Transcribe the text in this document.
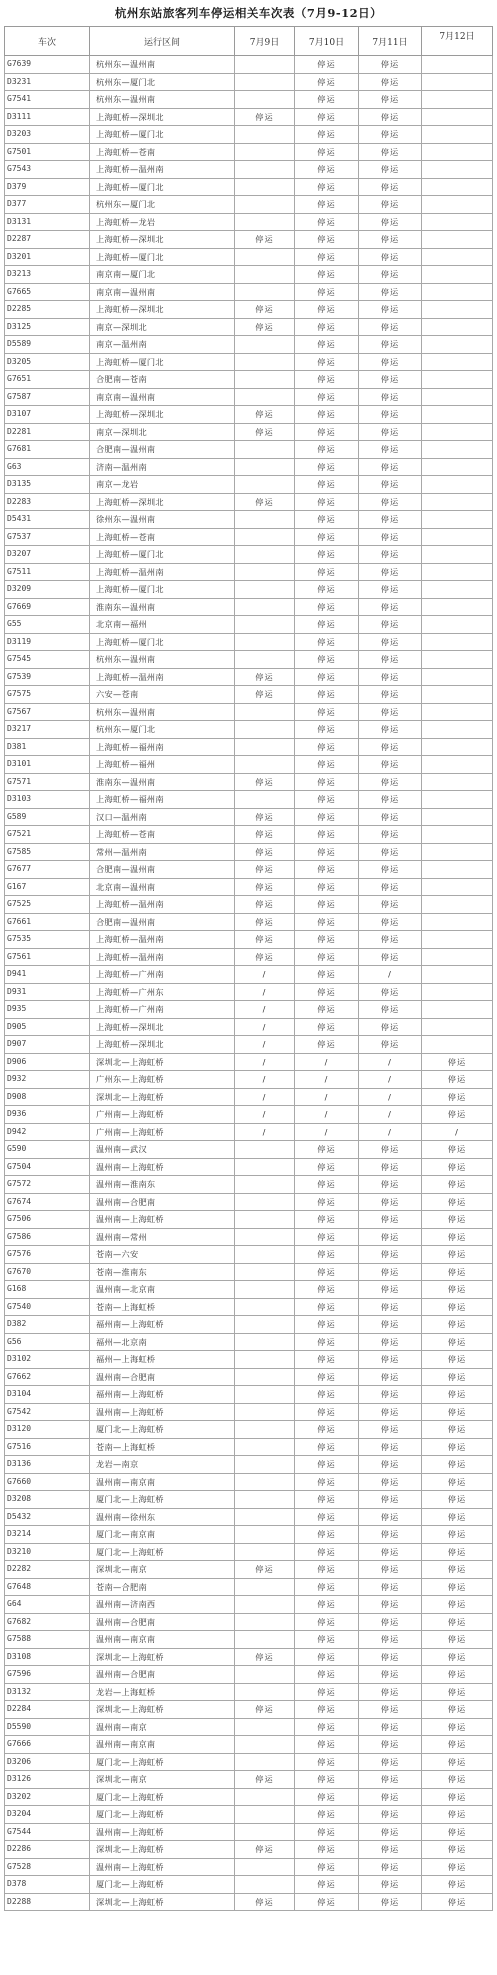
杭州东站旅客列车停运相关车次表（7月9-12日）
车次	运行区间	7月9日	7月10日	7月11日	7月12日
G7639	杭州东—温州南		停运	停运	
D3231	杭州东—厦门北		停运	停运	
G7541	杭州东—温州南		停运	停运	
D3111	上海虹桥—深圳北	停运	停运	停运	
D3203	上海虹桥—厦门北		停运	停运	
G7501	上海虹桥—苍南		停运	停运	
G7543	上海虹桥—温州南		停运	停运	
D379	上海虹桥—厦门北		停运	停运	
D377	杭州东—厦门北		停运	停运	
D3131	上海虹桥—龙岩		停运	停运	
D2287	上海虹桥—深圳北	停运	停运	停运	
D3201	上海虹桥—厦门北		停运	停运	
D3213	南京南—厦门北		停运	停运	
G7665	南京南—温州南		停运	停运	
D2285	上海虹桥—深圳北	停运	停运	停运	
D3125	南京—深圳北	停运	停运	停运	
D5589	南京—温州南		停运	停运	
D3205	上海虹桥—厦门北		停运	停运	
G7651	合肥南—苍南		停运	停运	
G7587	南京南—温州南		停运	停运	
D3107	上海虹桥—深圳北	停运	停运	停运	
D2281	南京—深圳北	停运	停运	停运	
G7681	合肥南—温州南		停运	停运	
G63	济南—温州南		停运	停运	
D3135	南京—龙岩		停运	停运	
D2283	上海虹桥—深圳北	停运	停运	停运	
D5431	徐州东—温州南		停运	停运	
G7537	上海虹桥—苍南		停运	停运	
D3207	上海虹桥—厦门北		停运	停运	
G7511	上海虹桥—温州南		停运	停运	
D3209	上海虹桥—厦门北		停运	停运	
G7669	淮南东—温州南		停运	停运	
G55	北京南—福州		停运	停运	
D3119	上海虹桥—厦门北		停运	停运	
G7545	杭州东—温州南		停运	停运	
G7539	上海虹桥—温州南	停运	停运	停运	
G7575	六安—苍南	停运	停运	停运	
G7567	杭州东—温州南		停运	停运	
D3217	杭州东—厦门北		停运	停运	
D381	上海虹桥—福州南		停运	停运	
D3101	上海虹桥—福州		停运	停运	
G7571	淮南东—温州南	停运	停运	停运	
D3103	上海虹桥—福州南		停运	停运	
G589	汉口—温州南	停运	停运	停运	
G7521	上海虹桥—苍南	停运	停运	停运	
G7585	常州—温州南	停运	停运	停运	
G7677	合肥南—温州南	停运	停运	停运	
G167	北京南—温州南	停运	停运	停运	
G7525	上海虹桥—温州南	停运	停运	停运	
G7661	合肥南—温州南	停运	停运	停运	
G7535	上海虹桥—温州南	停运	停运	停运	
G7561	上海虹桥—温州南	停运	停运	停运	
D941	上海虹桥—广州南	/	停运	/	
D931	上海虹桥—广州东	/	停运	停运	
D935	上海虹桥—广州南	/	停运	停运	
D905	上海虹桥—深圳北	/	停运	停运	
D907	上海虹桥—深圳北	/	停运	停运	
D906	深圳北—上海虹桥	/	/	/	停运
D932	广州东—上海虹桥	/	/	/	停运
D908	深圳北—上海虹桥	/	/	/	停运
D936	广州南—上海虹桥	/	/	/	停运
D942	广州南—上海虹桥	/	/	/	/
G590	温州南—武汉		停运	停运	停运
G7504	温州南—上海虹桥		停运	停运	停运
G7572	温州南—淮南东		停运	停运	停运
G7674	温州南—合肥南		停运	停运	停运
G7506	温州南—上海虹桥		停运	停运	停运
G7586	温州南—常州		停运	停运	停运
G7576	苍南—六安		停运	停运	停运
G7670	苍南—淮南东		停运	停运	停运
G168	温州南—北京南		停运	停运	停运
G7540	苍南—上海虹桥		停运	停运	停运
D382	福州南—上海虹桥		停运	停运	停运
G56	福州—北京南		停运	停运	停运
D3102	福州—上海虹桥		停运	停运	停运
G7662	温州南—合肥南		停运	停运	停运
D3104	福州南—上海虹桥		停运	停运	停运
G7542	温州南—上海虹桥		停运	停运	停运
D3120	厦门北—上海虹桥		停运	停运	停运
G7516	苍南—上海虹桥		停运	停运	停运
D3136	龙岩—南京		停运	停运	停运
G7660	温州南—南京南		停运	停运	停运
D3208	厦门北—上海虹桥		停运	停运	停运
D5432	温州南—徐州东		停运	停运	停运
D3214	厦门北—南京南		停运	停运	停运
D3210	厦门北—上海虹桥		停运	停运	停运
D2282	深圳北—南京	停运	停运	停运	停运
G7648	苍南—合肥南		停运	停运	停运
G64	温州南—济南西		停运	停运	停运
G7682	温州南—合肥南		停运	停运	停运
G7588	温州南—南京南		停运	停运	停运
D3108	深圳北—上海虹桥	停运	停运	停运	停运
G7596	温州南—合肥南		停运	停运	停运
D3132	龙岩—上海虹桥		停运	停运	停运
D2284	深圳北—上海虹桥	停运	停运	停运	停运
D5590	温州南—南京		停运	停运	停运
G7666	温州南—南京南		停运	停运	停运
D3206	厦门北—上海虹桥		停运	停运	停运
D3126	深圳北—南京	停运	停运	停运	停运
D3202	厦门北—上海虹桥		停运	停运	停运
D3204	厦门北—上海虹桥		停运	停运	停运
G7544	温州南—上海虹桥		停运	停运	停运
D2286	深圳北—上海虹桥	停运	停运	停运	停运
G7528	温州南—上海虹桥		停运	停运	停运
D378	厦门北—上海虹桥		停运	停运	停运
D2288	深圳北—上海虹桥	停运	停运	停运	停运
